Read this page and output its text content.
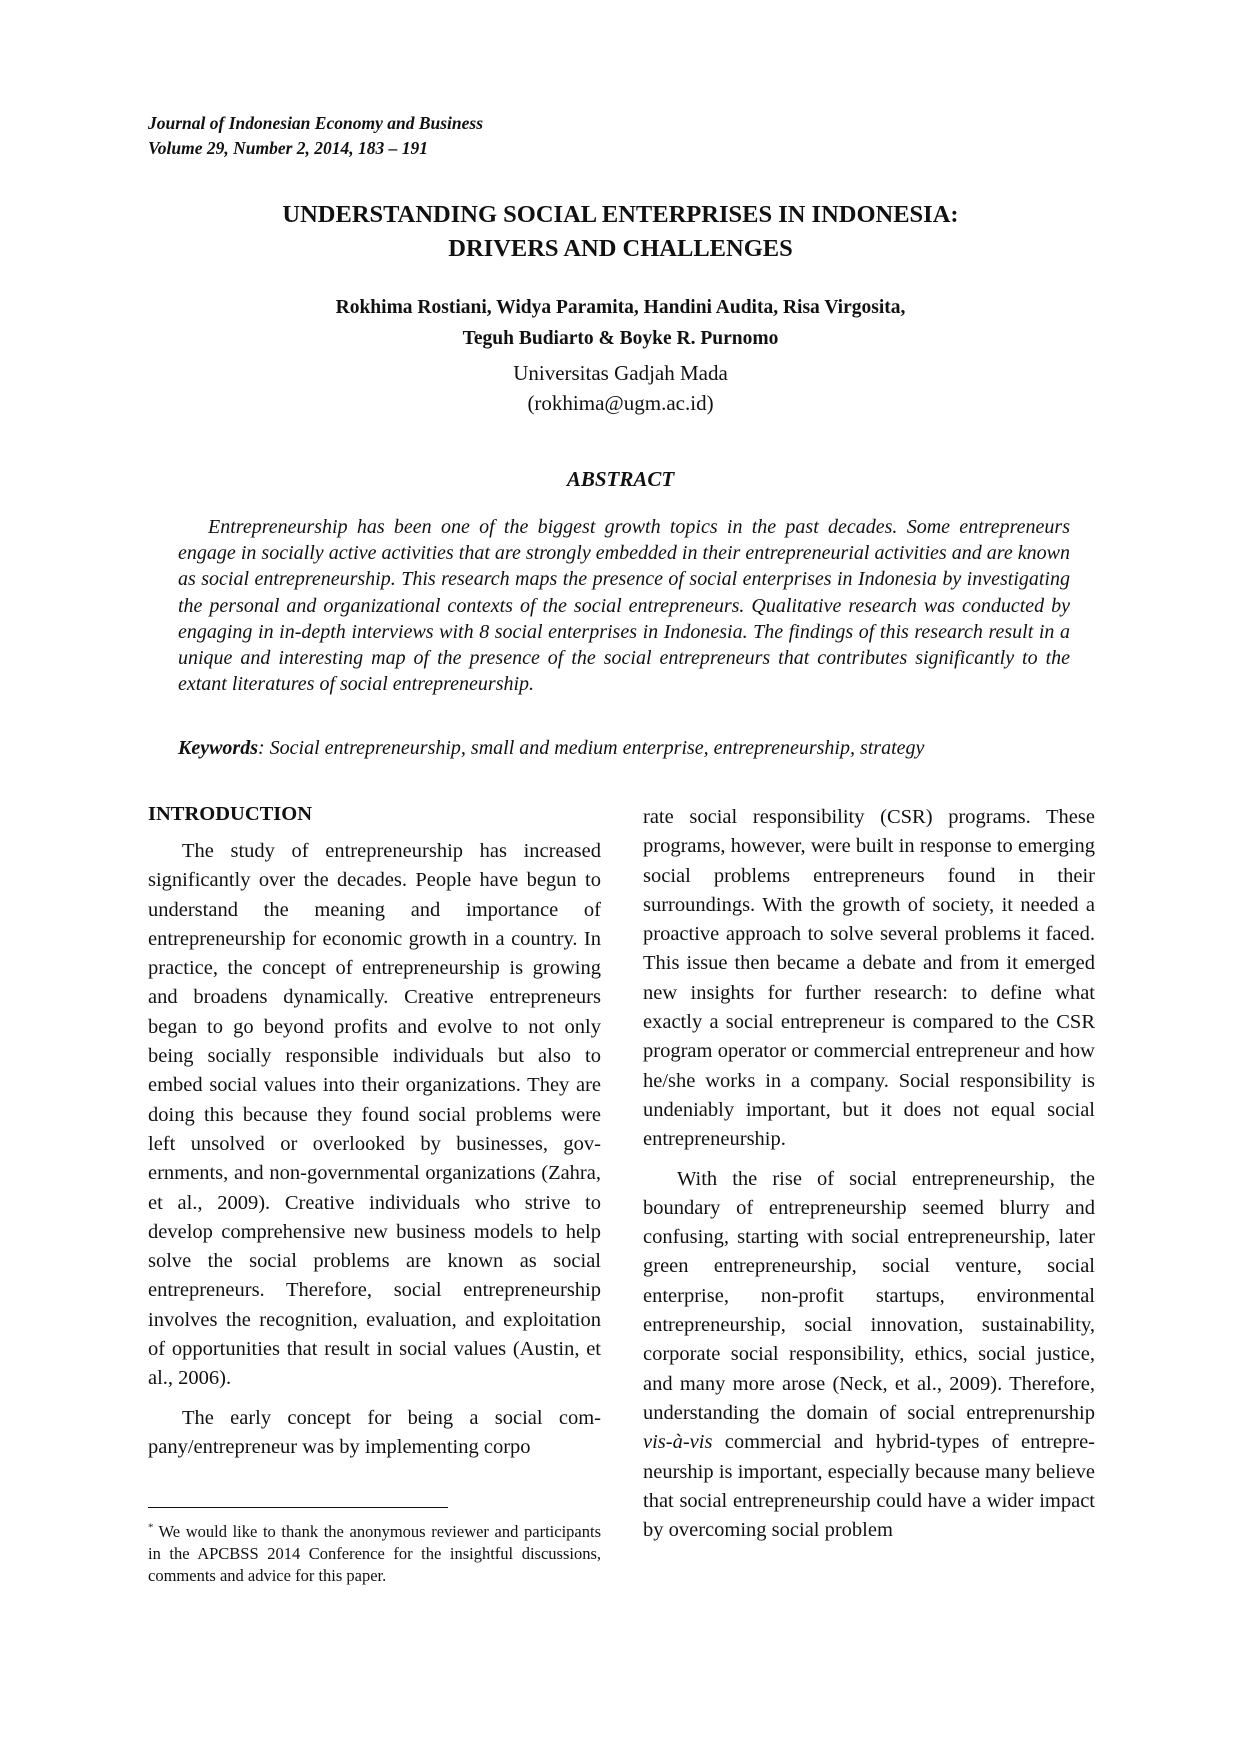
Journal of Indonesian Economy and Business
Volume 29, Number 2, 2014, 183 – 191
UNDERSTANDING SOCIAL ENTERPRISES IN INDONESIA:
DRIVERS AND CHALLENGES
Rokhima Rostiani, Widya Paramita, Handini Audita, Risa Virgosita,
Teguh Budiarto & Boyke R. Purnomo
Universitas Gadjah Mada
(rokhima@ugm.ac.id)
ABSTRACT

Entrepreneurship has been one of the biggest growth topics in the past decades. Some entrepreneurs engage in socially active activities that are strongly embedded in their entrepreneurial activities and are known as social entrepreneurship. This research maps the presence of social enterprises in Indonesia by investigating the personal and organizational contexts of the social entrepreneurs. Qualitative research was conducted by engaging in in-depth interviews with 8 social enterprises in Indonesia. The findings of this research result in a unique and interesting map of the presence of the social entrepreneurs that contributes significantly to the extant literatures of social entrepreneurship.

Keywords: Social entrepreneurship, small and medium enterprise, entrepreneurship, strategy
INTRODUCTION

The study of entrepreneurship has increased significantly over the decades. People have begun to understand the meaning and importance of entrepreneurship for economic growth in a country. In practice, the concept of entrepreneurship is growing and broadens dynamically. Creative entrepreneurs began to go beyond profits and evolve to not only being socially responsible individuals but also to embed social values into their organizations. They are doing this because they found social problems were left unsolved or overlooked by businesses, governments, and non-governmental organizations (Zahra, et al., 2009). Creative individuals who strive to develop comprehensive new business models to help solve the social problems are known as social entrepreneurs. Therefore, social entrepreneurship involves the recognition, evaluation, and exploitation of opportunities that result in social values (Austin, et al., 2006).

The early concept for being a social company/entrepreneur was by implementing corpo

rate social responsibility (CSR) programs. These programs, however, were built in response to emerging social problems entrepreneurs found in their surroundings. With the growth of society, it needed a proactive approach to solve several problems it faced. This issue then became a debate and from it emerged new insights for further research: to define what exactly a social entrepreneur is compared to the CSR program operator or commercial entrepreneur and how he/she works in a company. Social responsibility is undeniably important, but it does not equal social entrepreneurship.

With the rise of social entrepreneurship, the boundary of entrepreneurship seemed blurry and confusing, starting with social entrepreneurship, later green entrepreneurship, social venture, social enterprise, non-profit startups, environmental entrepreneurship, social innovation, sustainability, corporate social responsibility, ethics, social justice, and many more arose (Neck, et al., 2009). Therefore, understanding the domain of social entreprenurship vis-à-vis commercial and hybrid-types of entrepreneurship is important, especially because many believe that social entrepreneurship could have a wider impact by overcoming social problem

* We would like to thank the anonymous reviewer and participants in the APCBSS 2014 Conference for the insightful discussions, comments and advice for this paper.
